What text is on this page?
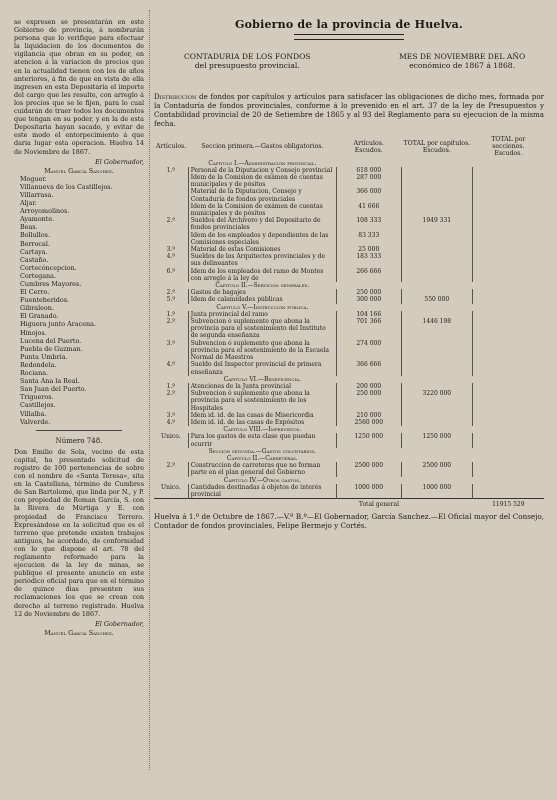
se expresen se presentarán en este Gobierno de provincia, á nombrarán persona que lo verifique para efectuar la liquidacion de los documentos de vigilancia que obran en su poder, en atencion á la variacion de precios que en la actualidad tienen con los de años anteriores, á fin de que en vista de ella ingresen en esta Depositaria el importe del cargo que les resulte, con arreglo á los precios que se le fijen, para lo cual cuidarán de traer todos los documentos que tengan en su poder, y en la de esta Depositaria hayan sacado, y evitar de este modo el entorpecimiento á que daria lugar esta operacion. Huelva 14 de Noviembre de 1867.

El Gobernador,
Manuel García Sanchez.
Moguer.
Villanueva de los Castillejos.
Villarrasa.
Aljar.
Arroyomolinos.
Ayamonte.
Beas.
Bollullos.
Berrocal.
Cartaya.
Castaño.
Cortecóncepcion.
Cortegana.
Cumbres Mayores.
El Cerro.
Fuenteheridos.
Gibraleon.
El Granado.
Higuera junto Aracena.
Hinojos.
Lucena del Puerto.
Puebla de Guzman.
Punta Umbría.
Redondela.
Rociana.
Santa Ana la Real.
San Juan del Puerto.
Trigueros.
Castillejos.
Villalba.
Valverde.
Número 748.

Don Emilio de Sola, vecino de esta capital, ha presentado solicitud de registro de 100 pertenencias de sobre con el nombre de «Santa Teresa», sita en la Castellana, término de Cumbres de San Bartolomé, que linda por N., y P. con propiedad de Roman García, S. con la Rivera de Múrtiga y E. con propiedad de Francisco Terrero. Expresándose en la solicitud que es el terreno que pretende existen trabajos antiguos, he acordado, de conformidad con lo que dispone el art. 78 del reglamento reformado para la ejecucion de la ley de minas, se publique el presente anuncio en este periódico oficial para que en el término de quince dias presenten sus reclamaciones los que se crean con derecho al terreno registrado. Huelva 12 de Noviembre de 1867.

El Gobernador,
Manuel García Sanchez.
Gobierno de la provincia de Huelva.
CONTADURIA DE LOS FONDOS
del presupuesto provincial.
MES DE NOVIEMBRE DEL AÑO
económico de 1867 á 1868.
Distribucion de fondos por capítulos y artículos para satisfacer las obligaciones de dicho mes, formada por la Contaduría de fondos provinciales, conforme á lo prevenido en el art. 37 de la ley de Presupuestos y Contabilidad provincial de 20 de Setiembre de 1865 y al 93 del Reglamento para su ejecucion de la misma fecha.
Artículos.	Seccion primera.—Gastos obligatorios.	Artículos.
Escudos.	TOTAL por capítulos.
Escudos.	TOTAL por secciones.
Escudos.
	Capitulo I.—Administracion provincial.			
1.º	Personal de la Diputacion y Consejo provincial	618 000		
	Idem de la Comision de exámen de cuentas municipales y de pósitos	287 000		
	Material de la Diputacion, Consejo y Contaduría de fondos provinciales	366 000		
	Idem de la Comision de exámen de cuentas municipales y de pósitos	41 666		
2.º	Sueldos del Archivero y del Depositario de fondos provinciales	108 333	1949 331	
	Idem de los empleados y dependientes de las Comisiones especiales	83 333		
3.º	Material de estas Comisiones	25 000		
4.º	Sueldos de los Arquitectos provinciales y de sus delineantes	183 333		
6.º	Idem de los empleados del ramo de Montes con arreglo á la ley de	266 666		
	Capitulo II.—Servicios generales.			
2.º	Gastos de bagajes	250 000		
5.º	Idem de calamidades públicas	300 000	550 000	
	Capitulo V.—Instruccion pública.			
1.º	Junta provincial del ramo	104 166		
2.º	Subvencion ó suplemento que abona la provincia para el sostenimiento del Instituto de segunda enseñanza	701 366	1446 198	
3.º	Subvencion ó suplemento que abona la provincia para el sostenimiento de la Escuela Normal de Maestros	274 000		
4.º	Sueldo del Inspector provincial de primera enseñanza	366 666		
	Capitulo VI.—Beneficencia.			
1.º	Atenciones de la Junta provincial	200 000		
2.º	Subvencion ó suplemento que abona la provincia para el sostenimiento de los Hospitales	250 000	3220 000	
3.º	Idem id. id. de las casas de Misericordia	210 000		
4.º	Idem id. id. de las casas de Expósitos	2560 000		
	Capitulo VIII.—Imprevistos.			
Unico.	Para los gastos de esta clase que puedan ocurrir	1250 000	1250 000	
	Seccion segunda.—Gastos voluntarios.			
	Capitulo II.—Carreteras.			
2.º	Construccion de carreteras que no forman parte en el plan general del Gobierno	2500 000	2500 000	
	Capitulo IV.—Otros gastos.			
Unico.	Cantidades destinadas á objetos de interés provincial	1000 000	1000 000	
	Total general			11915 529
Huelva á 1.º de Octubre de 1867.—V.º B.º—El Gobernador, García Sanchez.—El Oficial mayor del Consejo, Contador de fondos provinciales, Felipe Bermejo y Cortés.
